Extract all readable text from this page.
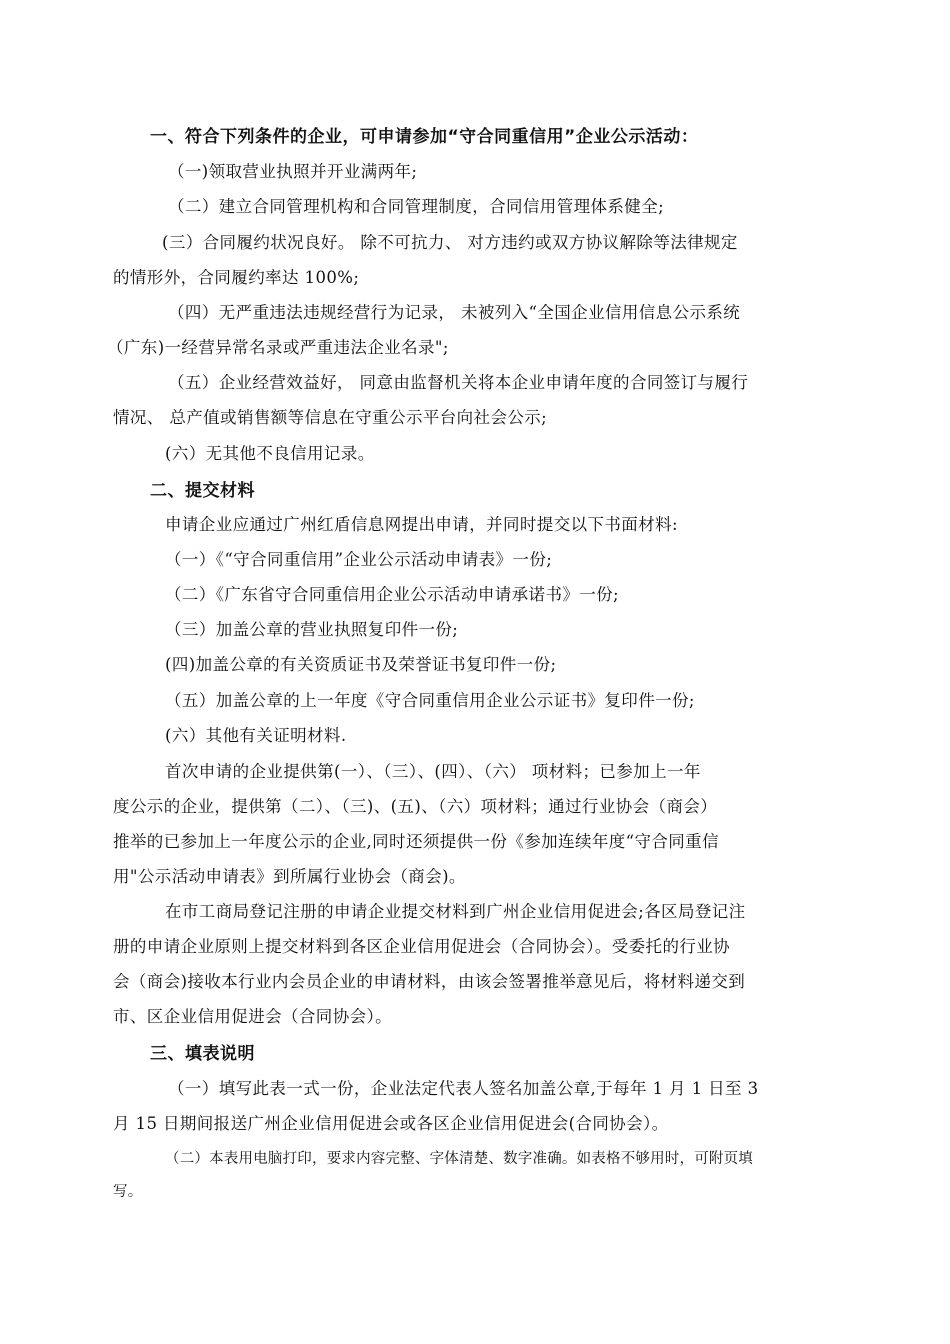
一、符合下列条件的企业，可申请参加“守合同重信用”企业公示活动：
（一)领取营业执照并开业满两年;
（二）建立合同管理机构和合同管理制度，合同信用管理体系健全;
(三）合同履约状况良好。 除不可抗力、 对方违约或双方协议解除等法律规定
的情形外，合同履约率达 100%;
（四）无严重违法违规经营行为记录， 未被列入“全国企业信用信息公示系统
（广东)一经营异常名录或严重违法企业名录";
（五）企业经营效益好， 同意由监督机关将本企业申请年度的合同签订与履行
情况、 总产值或销售额等信息在守重公示平台向社会公示;
(六）无其他不良信用记录。
二、提交材料
申请企业应通过广州红盾信息网提出申请，并同时提交以下书面材料:
（一）《“守合同重信用”企业公示活动申请表》一份;
（二）《广东省守合同重信用企业公示活动申请承诺书》一份;
（三）加盖公章的营业执照复印件一份;
(四)加盖公章的有关资质证书及荣誉证书复印件一份;
（五）加盖公章的上一年度《守合同重信用企业公示证书》复印件一份;
(六）其他有关证明材料.
首次申请的企业提供第(一）、（三）、(四）、（六） 项材料；已参加上一年
度公示的企业，提供第（二）、（三)、(五)、（六）项材料；通过行业协会（商会）
推举的已参加上一年度公示的企业,同时还须提供一份《参加连续年度“守合同重信
用"公示活动申请表》到所属行业协会（商会)。
在市工商局登记注册的申请企业提交材料到广州企业信用促进会;各区局登记注
册的申请企业原则上提交材料到各区企业信用促进会（合同协会）。受委托的行业协
会（商会)接收本行业内会员企业的申请材料，由该会签署推举意见后，将材料递交到
市、区企业信用促进会（合同协会）。
三、填表说明
（一）填写此表一式一份，企业法定代表人签名加盖公章,于每年 1 月 1 日至 3
月 15 日期间报送广州企业信用促进会或各区企业信用促进会(合同协会）。
（二）本表用电脑打印，要求内容完整、字体清楚、数字准确。如表格不够用时，可附页填
写。
